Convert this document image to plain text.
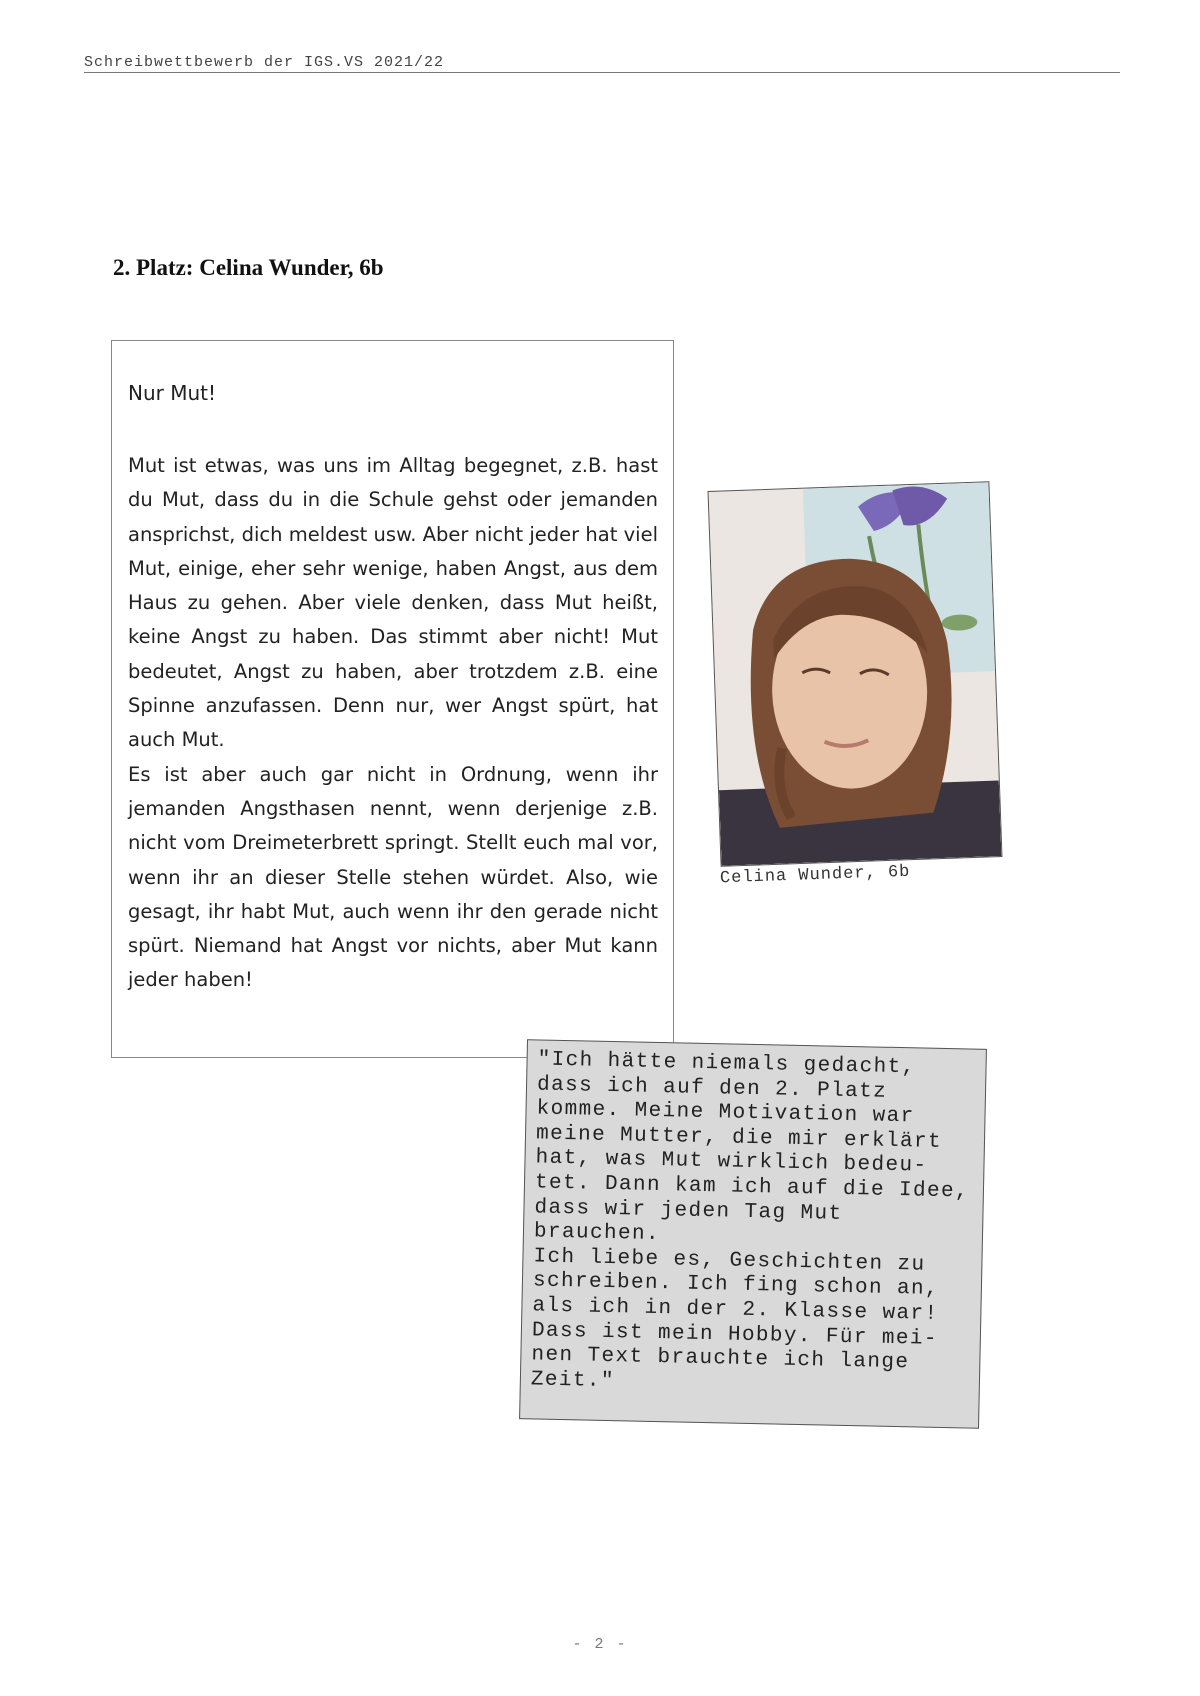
Schreibwettbewerb der IGS.VS 2021/22
2. Platz: Celina Wunder, 6b
Nur Mut!
Mut ist etwas, was uns im Alltag begegnet, z.B. hast du Mut, dass du in die Schule gehst oder jemanden ansprichst, dich meldest usw. Aber nicht jeder hat viel Mut, einige, eher sehr wenige, haben Angst, aus dem Haus zu gehen. Aber viele denken, dass Mut heißt, keine Angst zu haben. Das stimmt aber nicht! Mut bedeutet, Angst zu haben, aber trotzdem z.B. eine Spinne anzufassen. Denn nur, wer Angst spürt, hat auch Mut.
Es ist aber auch gar nicht in Ordnung, wenn ihr jemanden Angsthasen nennt, wenn derjenige z.B. nicht vom Dreimeterbrett springt. Stellt euch mal vor, wenn ihr an dieser Stelle stehen würdet. Also, wie gesagt, ihr habt Mut, auch wenn ihr den gerade nicht spürt. Niemand hat Angst vor nichts, aber Mut kann jeder haben!
Celina Wunder, 6b
"Ich hätte niemals gedacht, dass ich auf den 2. Platz komme. Meine Motivation war meine Mutter, die mir erklärt hat, was Mut wirklich bedeu-tet. Dann kam ich auf die Idee, dass wir jeden Tag Mut brauchen.
Ich liebe es, Geschichten zu schreiben. Ich fing schon an, als ich in der 2. Klasse war! Dass ist mein Hobby. Für mei-nen Text brauchte ich lange Zeit."
- 2 -
